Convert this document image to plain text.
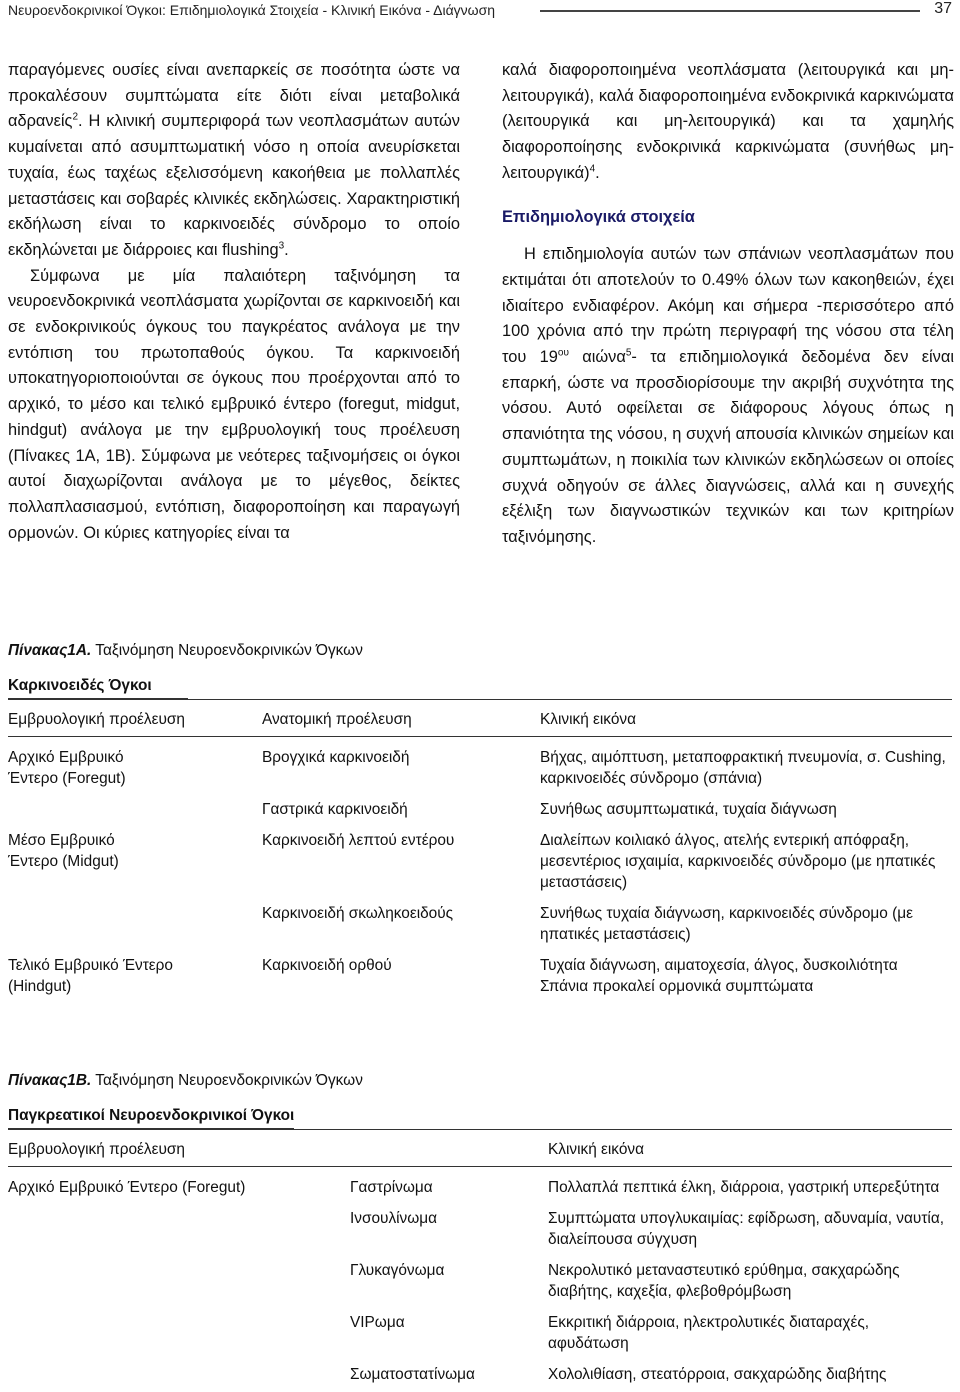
Νευροενδοκρινικοί Όγκοι: Επιδημιολογικά Στοιχεία - Κλινική Εικόνα - Διάγνωση	37

παραγόμενες ουσίες είναι ανεπαρκείς σε ποσότητα ώστε να προκαλέσουν συμπτώματα είτε διότι είναι μεταβολικά αδρανείς$^2$. Η κλινική συμπεριφορά των νεοπλασμάτων αυτών κυμαίνεται από ασυμπτωματική νόσο η οποία ανευρίσκεται τυχαία, έως ταχέως εξελισσόμενη κακοήθεια με πολλαπλές μεταστάσεις και σοβαρές κλινικές εκδηλώσεις. Χαρακτηριστική εκδήλωση είναι το καρκινοειδές σύνδρομο το οποίο εκδηλώνεται με διάρροιες και flushing$^3$.

Σύμφωνα με μία παλαιότερη ταξινόμηση τα νευροενδοκρινικά νεοπλάσματα χωρίζονται σε καρκινοειδή και σε ενδοκρινικούς όγκους του παγκρέατος ανάλογα με την εντόπιση του πρωτοπαθούς όγκου. Τα καρκινοειδή υποκατηγοριοποιούνται σε όγκους που προέρχονται από το αρχικό, το μέσο και τελικό εμβρυικό έντερο (foregut, midgut, hindgut) ανάλογα με την εμβρυολογική τους προέλευση (Πίνακες 1Α, 1Β). Σύμφωνα με νεότερες ταξινομήσεις οι όγκοι αυτοί διαχωρίζονται ανάλογα με το μέγεθος, δείκτες πολλαπλασιασμού, εντόπιση, διαφοροποίηση και παραγωγή ορμονών. Οι κύριες κατηγορίες είναι τα

καλά διαφοροποιημένα νεοπλάσματα (λειτουργικά και μη-λειτουργικά), καλά διαφοροποιημένα ενδοκρινικά καρκινώματα (λειτουργικά και μη-λειτουργικά) και τα χαμηλής διαφοροποίησης ενδοκρινικά καρκινώματα (συνήθως μη-λειτουργικά)$^4$.

Επιδημιολογικά στοιχεία

Η επιδημιολογία αυτών των σπάνιων νεοπλασμάτων που εκτιμάται ότι αποτελούν το 0.49% όλων των κακοηθειών, έχει ιδιαίτερο ενδιαφέρον. Ακόμη και σήμερα -περισσότερο από 100 χρόνια από την πρώτη περιγραφή της νόσου στα τέλη του $19^{o\upsilon}$ αιώνα$^5$- τα επιδημιολογικά δεδομένα δεν είναι επαρκή, ώστε να προσδιορίσουμε την ακριβή συχνότητα της νόσου. Αυτό οφείλεται σε διάφορους λόγους όπως η σπανιότητα της νόσου, η συχνή απουσία κλινικών σημείων και συμπτωμάτων, η ποικιλία των κλινικών εκδηλώσεων οι οποίες συχνά οδηγούν σε άλλες διαγνώσεις, αλλά και η συνεχής εξέλιξη των διαγνωστικών τεχνικών και των κριτηρίων ταξινόμησης.

Πίνακας1Α. Ταξινόμηση Νευροενδοκρινικών Όγκων

Καρκινοειδές Όγκοι
Εμβρυολογική προέλευση	Ανατομική προέλευση	Κλινική εικόνα
Αρχικό Εμβρυικό
Έντερο (Foregut)	Βρογχικά καρκινοειδή	Βήχας, αιμόπτυση, μεταποφρακτική πνευμονία, σ. Cushing, καρκινοειδές σύνδρομο (σπάνια)
	Γαστρικά καρκινοειδή	Συνήθως ασυμπτωματικά, τυχαία διάγνωση
Μέσο Εμβρυικό
Έντερο (Midgut)	Καρκινοειδή λεπτού εντέρου	Διαλείπων κοιλιακό άλγος, ατελής εντερική απόφραξη, μεσεντέριος ισχαιμία, καρκινοειδές σύνδρομο (με ηπατικές μεταστάσεις)
	Καρκινοειδή σκωληκοειδούς	Συνήθως τυχαία διάγνωση, καρκινοειδές σύνδρομο (με ηπατικές μεταστάσεις)
Τελικό Εμβρυικό Έντερο
(Hindgut)	Καρκινοειδή ορθού	Τυχαία διάγνωση, αιματοχεσία, άλγος, δυσκοιλιότητα
Σπάνια προκαλεί ορμονικά συμπτώματα

Πίνακας1Β. Ταξινόμηση Νευροενδοκρινικών Όγκων

Παγκρεατικοί Νευροενδοκρινικοί Όγκοι
Εμβρυολογική προέλευση		Κλινική εικόνα
Αρχικό Εμβρυικό Έντερο (Foregut)	Γαστρίνωμα	Πολλαπλά πεπτικά έλκη, διάρροια, γαστρική υπερεξύτητα
	Ινσουλίνωμα	Συμπτώματα υπογλυκαιμίας: εφίδρωση, αδυναμία, ναυτία, διαλείπουσα σύγχυση
	Γλυκαγόνωμα	Νεκρολυτικό μεταναστευτικό ερύθημα, σακχαρώδης διαβήτης, καχεξία, φλεβοθρόμβωση
	VIPωμα	Εκκριτική διάρροια, ηλεκτρολυτικές διαταραχές, αφυδάτωση
	Σωματοστατίνωμα	Χολολιθίαση, στεατόρροια, σακχαρώδης διαβήτης
